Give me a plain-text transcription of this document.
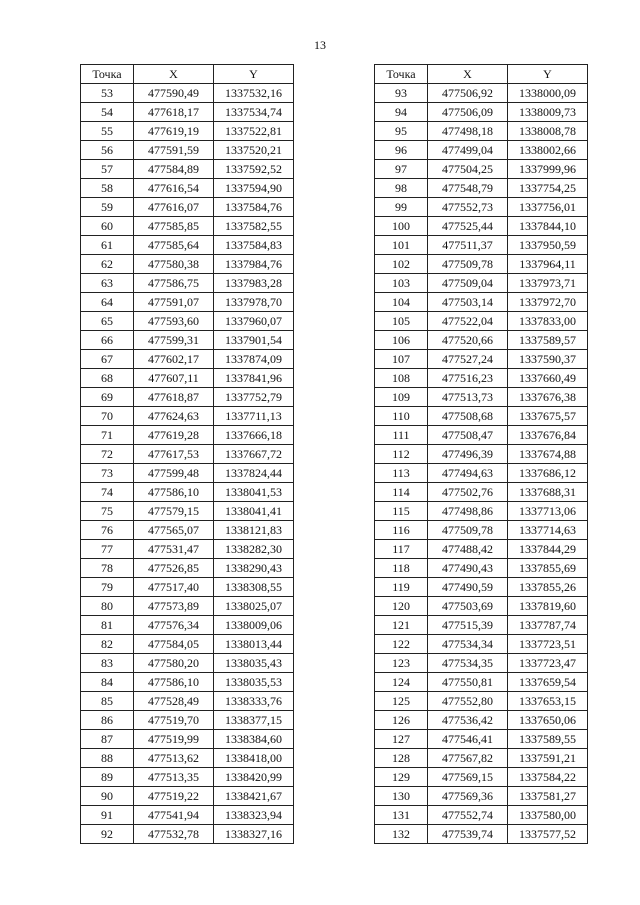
13
Точка	X	Y
53	477590,49	1337532,16
54	477618,17	1337534,74
55	477619,19	1337522,81
56	477591,59	1337520,21
57	477584,89	1337592,52
58	477616,54	1337594,90
59	477616,07	1337584,76
60	477585,85	1337582,55
61	477585,64	1337584,83
62	477580,38	1337984,76
63	477586,75	1337983,28
64	477591,07	1337978,70
65	477593,60	1337960,07
66	477599,31	1337901,54
67	477602,17	1337874,09
68	477607,11	1337841,96
69	477618,87	1337752,79
70	477624,63	1337711,13
71	477619,28	1337666,18
72	477617,53	1337667,72
73	477599,48	1337824,44
74	477586,10	1338041,53
75	477579,15	1338041,41
76	477565,07	1338121,83
77	477531,47	1338282,30
78	477526,85	1338290,43
79	477517,40	1338308,55
80	477573,89	1338025,07
81	477576,34	1338009,06
82	477584,05	1338013,44
83	477580,20	1338035,43
84	477586,10	1338035,53
85	477528,49	1338333,76
86	477519,70	1338377,15
87	477519,99	1338384,60
88	477513,62	1338418,00
89	477513,35	1338420,99
90	477519,22	1338421,67
91	477541,94	1338323,94
92	477532,78	1338327,16
Точка	X	Y
93	477506,92	1338000,09
94	477506,09	1338009,73
95	477498,18	1338008,78
96	477499,04	1338002,66
97	477504,25	1337999,96
98	477548,79	1337754,25
99	477552,73	1337756,01
100	477525,44	1337844,10
101	477511,37	1337950,59
102	477509,78	1337964,11
103	477509,04	1337973,71
104	477503,14	1337972,70
105	477522,04	1337833,00
106	477520,66	1337589,57
107	477527,24	1337590,37
108	477516,23	1337660,49
109	477513,73	1337676,38
110	477508,68	1337675,57
111	477508,47	1337676,84
112	477496,39	1337674,88
113	477494,63	1337686,12
114	477502,76	1337688,31
115	477498,86	1337713,06
116	477509,78	1337714,63
117	477488,42	1337844,29
118	477490,43	1337855,69
119	477490,59	1337855,26
120	477503,69	1337819,60
121	477515,39	1337787,74
122	477534,34	1337723,51
123	477534,35	1337723,47
124	477550,81	1337659,54
125	477552,80	1337653,15
126	477536,42	1337650,06
127	477546,41	1337589,55
128	477567,82	1337591,21
129	477569,15	1337584,22
130	477569,36	1337581,27
131	477552,74	1337580,00
132	477539,74	1337577,52
